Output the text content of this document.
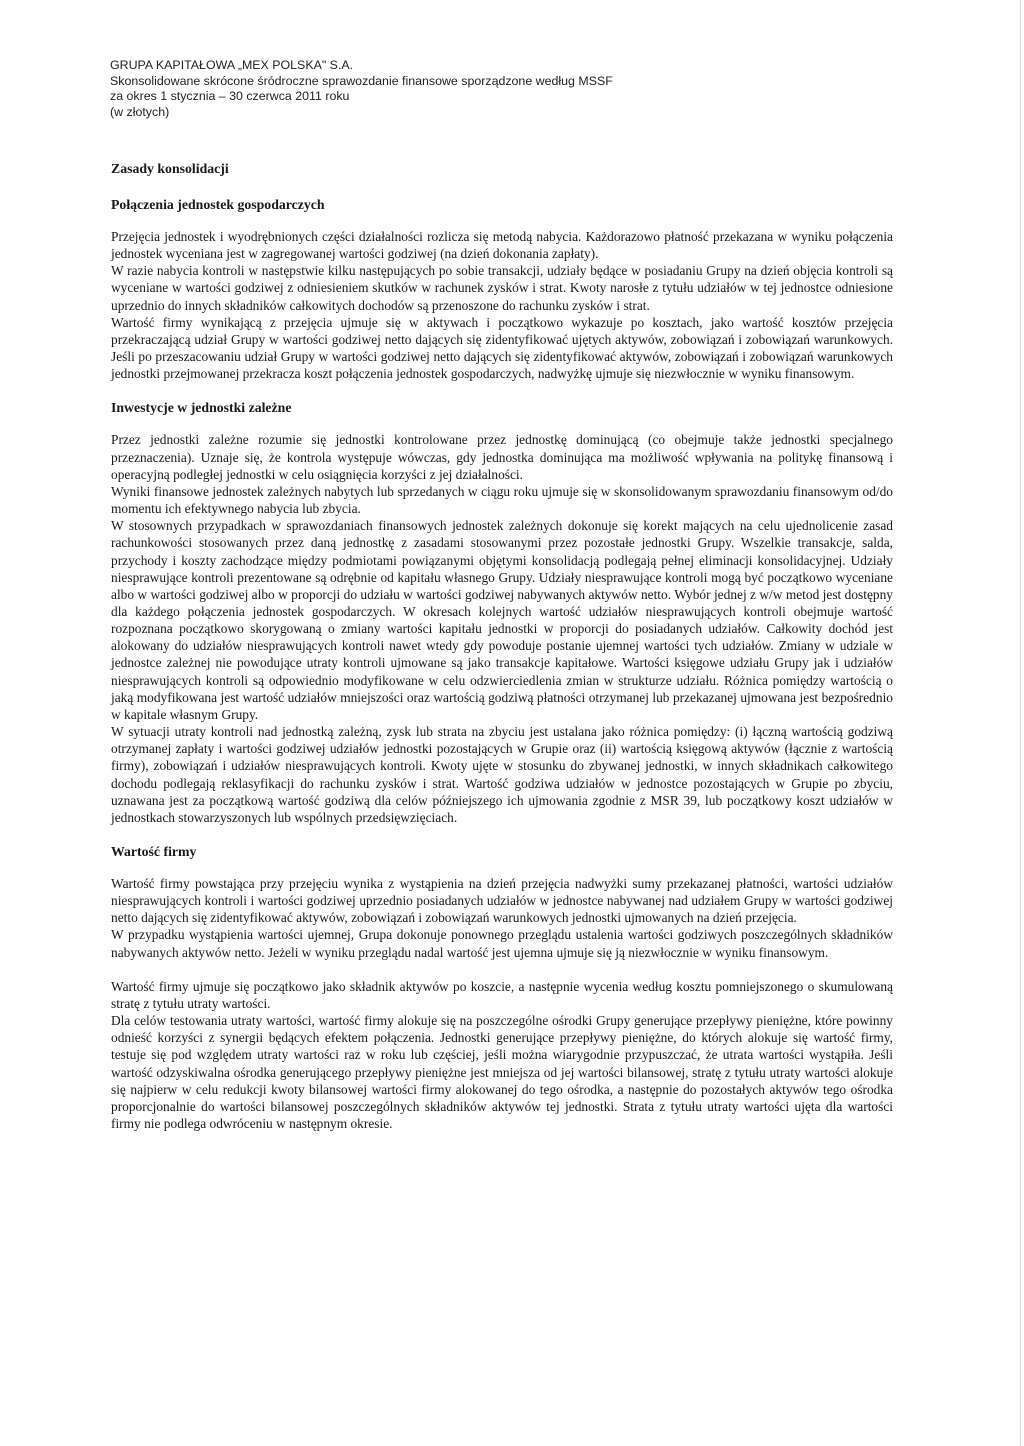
GRUPA KAPITAŁOWA „MEX POLSKA" S.A.
Skonsolidowane skrócone śródroczne sprawozdanie finansowe sporządzone według MSSF
za okres 1 stycznia – 30 czerwca 2011 roku
(w złotych)
Zasady konsolidacji
Połączenia jednostek gospodarczych

Przejęcia jednostek i wyodrębnionych części działalności rozlicza się metodą nabycia. Każdorazowo płatność przekazana w wyniku połączenia jednostek wyceniana jest w zagregowanej wartości godziwej (na dzień dokonania zapłaty).

W razie nabycia kontroli w następstwie kilku następujących po sobie transakcji, udziały będące w posiadaniu Grupy na dzień objęcia kontroli są wyceniane w wartości godziwej z odniesieniem skutków w rachunek zysków i strat. Kwoty narosłe z tytułu udziałów w tej jednostce odniesione uprzednio do innych składników całkowitych dochodów są przenoszone do rachunku zysków i strat.

Wartość firmy wynikającą z przejęcia ujmuje się w aktywach i początkowo wykazuje po kosztach, jako wartość kosztów przejęcia przekraczającą udział Grupy w wartości godziwej netto dających się zidentyfikować ujętych aktywów, zobowiązań i zobowiązań warunkowych. Jeśli po przeszacowaniu udział Grupy w wartości godziwej netto dających się zidentyfikować aktywów, zobowiązań i zobowiązań warunkowych jednostki przejmowanej przekracza koszt połączenia jednostek gospodarczych, nadwyżkę ujmuje się niezwłocznie w wyniku finansowym.

Inwestycje w jednostki zależne

Przez jednostki zależne rozumie się jednostki kontrolowane przez jednostkę dominującą (co obejmuje także jednostki specjalnego przeznaczenia). Uznaje się, że kontrola występuje wówczas, gdy jednostka dominująca ma możliwość wpływania na politykę finansową i operacyjną podległej jednostki w celu osiągnięcia korzyści z jej działalności.

Wyniki finansowe jednostek zależnych nabytych lub sprzedanych w ciągu roku ujmuje się w skonsolidowanym sprawozdaniu finansowym od/do momentu ich efektywnego nabycia lub zbycia.

W stosownych przypadkach w sprawozdaniach finansowych jednostek zależnych dokonuje się korekt mających na celu ujednolicenie zasad rachunkowości stosowanych przez daną jednostkę z zasadami stosowanymi przez pozostałe jednostki Grupy. Wszelkie transakcje, salda, przychody i koszty zachodzące między podmiotami powiązanymi objętymi konsolidacją podlegają pełnej eliminacji konsolidacyjnej. Udziały niesprawujące kontroli prezentowane są odrębnie od kapitału własnego Grupy. Udziały niesprawujące kontroli mogą być początkowo wyceniane albo w wartości godziwej albo w proporcji do udziału w wartości godziwej nabywanych aktywów netto. Wybór jednej z w/w metod jest dostępny dla każdego połączenia jednostek gospodarczych. W okresach kolejnych wartość udziałów niesprawujących kontroli obejmuje wartość rozpoznana początkowo skorygowaną o zmiany wartości kapitału jednostki w proporcji do posiadanych udziałów. Całkowity dochód jest alokowany do udziałów niesprawujących kontroli nawet wtedy gdy powoduje postanie ujemnej wartości tych udziałów. Zmiany w udziale w jednostce zależnej nie powodujące utraty kontroli ujmowane są jako transakcje kapitałowe. Wartości księgowe udziału Grupy jak i udziałów niesprawujących kontroli są odpowiednio modyfikowane w celu odzwierciedlenia zmian w strukturze udziału. Różnica pomiędzy wartością o jaką modyfikowana jest wartość udziałów mniejszości oraz wartością godziwą płatności otrzymanej lub przekazanej ujmowana jest bezpośrednio w kapitale własnym Grupy.

W sytuacji utraty kontroli nad jednostką zależną, zysk lub strata na zbyciu jest ustalana jako różnica pomiędzy: (i) łączną wartością godziwą otrzymanej zapłaty i wartości godziwej udziałów jednostki pozostających w Grupie oraz (ii) wartością księgową aktywów (łącznie z wartością firmy), zobowiązań i udziałów niesprawujących kontroli. Kwoty ujęte w stosunku do zbywanej jednostki, w innych składnikach całkowitego dochodu podlegają reklasyfikacji do rachunku zysków i strat. Wartość godziwa udziałów w jednostce pozostających w Grupie po zbyciu, uznawana jest za początkową wartość godziwą dla celów późniejszego ich ujmowania zgodnie z MSR 39, lub początkowy koszt udziałów w jednostkach stowarzyszonych lub wspólnych przedsięwzięciach.

Wartość firmy

Wartość firmy powstająca przy przejęciu wynika z wystąpienia na dzień przejęcia nadwyżki sumy przekazanej płatności, wartości udziałów niesprawujących kontroli i wartości godziwej uprzednio posiadanych udziałów w jednostce nabywanej nad udziałem Grupy w wartości godziwej netto dających się zidentyfikować aktywów, zobowiązań i zobowiązań warunkowych jednostki ujmowanych na dzień przejęcia.

W przypadku wystąpienia wartości ujemnej, Grupa dokonuje ponownego przeglądu ustalenia wartości godziwych poszczególnych składników nabywanych aktywów netto. Jeżeli w wyniku przeglądu nadal wartość jest ujemna ujmuje się ją niezwłocznie w wyniku finansowym.

Wartość firmy ujmuje się początkowo jako składnik aktywów po koszcie, a następnie wycenia według kosztu pomniejszonego o skumulowaną stratę z tytułu utraty wartości.

Dla celów testowania utraty wartości, wartość firmy alokuje się na poszczególne ośrodki Grupy generujące przepływy pieniężne, które powinny odnieść korzyści z synergii będących efektem połączenia. Jednostki generujące przepływy pieniężne, do których alokuje się wartość firmy, testuje się pod względem utraty wartości raz w roku lub częściej, jeśli można wiarygodnie przypuszczać, że utrata wartości wystąpiła. Jeśli wartość odzyskiwalna ośrodka generującego przepływy pieniężne jest mniejsza od jej wartości bilansowej, stratę z tytułu utraty wartości alokuje się najpierw w celu redukcji kwoty bilansowej wartości firmy alokowanej do tego ośrodka, a następnie do pozostałych aktywów tego ośrodka proporcjonalnie do wartości bilansowej poszczególnych składników aktywów tej jednostki. Strata z tytułu utraty wartości ujęta dla wartości firmy nie podlega odwróceniu w następnym okresie.
